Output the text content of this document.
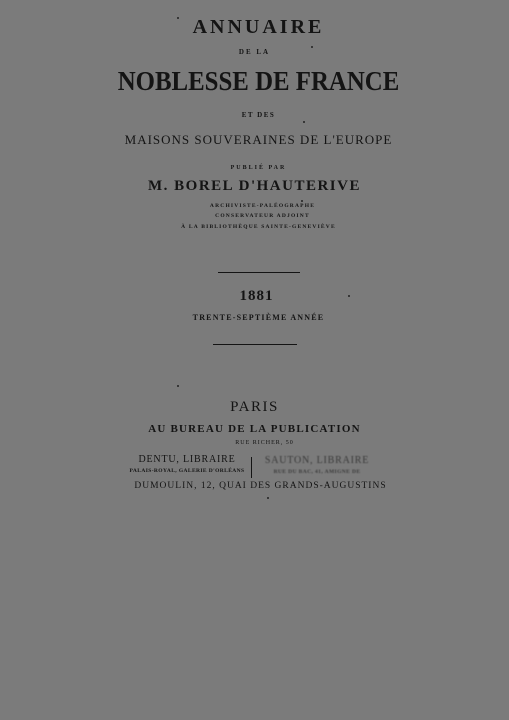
ANNUAIRE
DE LA
NOBLESSE DE FRANCE
ET DES
MAISONS SOUVERAINES DE L'EUROPE
PUBLIÉ PAR
M. BOREL D'HAUTERIVE
ARCHIVISTE-PALÉOGRAPHE
CONSERVATEUR ADJOINT
À LA BIBLIOTHÈQUE SAINTE-GENEVIÈVE
1881
TRENTE-SEPTIÈME ANNÉE
PARIS
AU BUREAU DE LA PUBLICATION
RUE RICHER, 50
DENTU, LIBRAIRE
PALAIS-ROYAL, GALERIE D'ORLÉANS
SAUTON, LIBRAIRE
RUE DU BAC, 41, AMIGNE DE
DUMOULIN, 12, QUAI DES GRANDS-AUGUSTINS
